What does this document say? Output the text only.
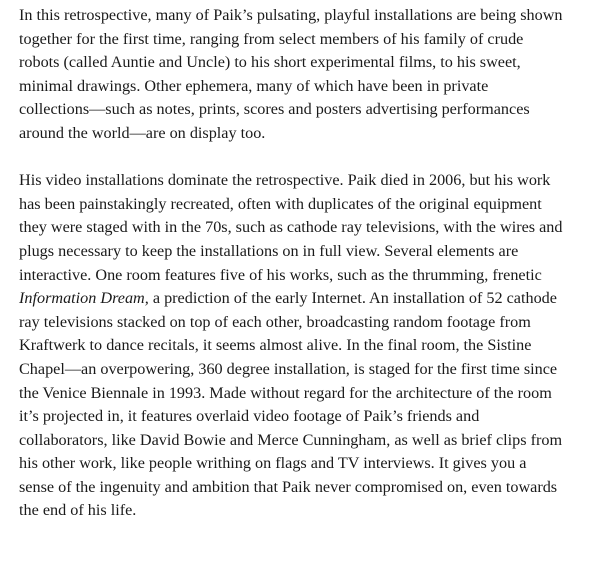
In this retrospective, many of Paik’s pulsating, playful installations are being shown
together for the first time, ranging from select members of his family of crude
robots (called Auntie and Uncle) to his short experimental films, to his sweet,
minimal drawings. Other ephemera, many of which have been in private
collections—such as notes, prints, scores and posters advertising performances
around the world—are on display too.

His video installations dominate the retrospective. Paik died in 2006, but his work
has been painstakingly recreated, often with duplicates of the original equipment
they were staged with in the 70s, such as cathode ray televisions, with the wires and
plugs necessary to keep the installations on in full view. Several elements are
interactive. One room features five of his works, such as the thrumming, frenetic
Information Dream, a prediction of the early Internet. An installation of 52 cathode
ray televisions stacked on top of each other, broadcasting random footage from
Kraftwerk to dance recitals, it seems almost alive. In the final room, the Sistine
Chapel—an overpowering, 360 degree installation, is staged for the first time since
the Venice Biennale in 1993. Made without regard for the architecture of the room
it’s projected in, it features overlaid video footage of Paik’s friends and
collaborators, like David Bowie and Merce Cunningham, as well as brief clips from
his other work, like people writhing on flags and TV interviews. It gives you a
sense of the ingenuity and ambition that Paik never compromised on, even towards
the end of his life.
